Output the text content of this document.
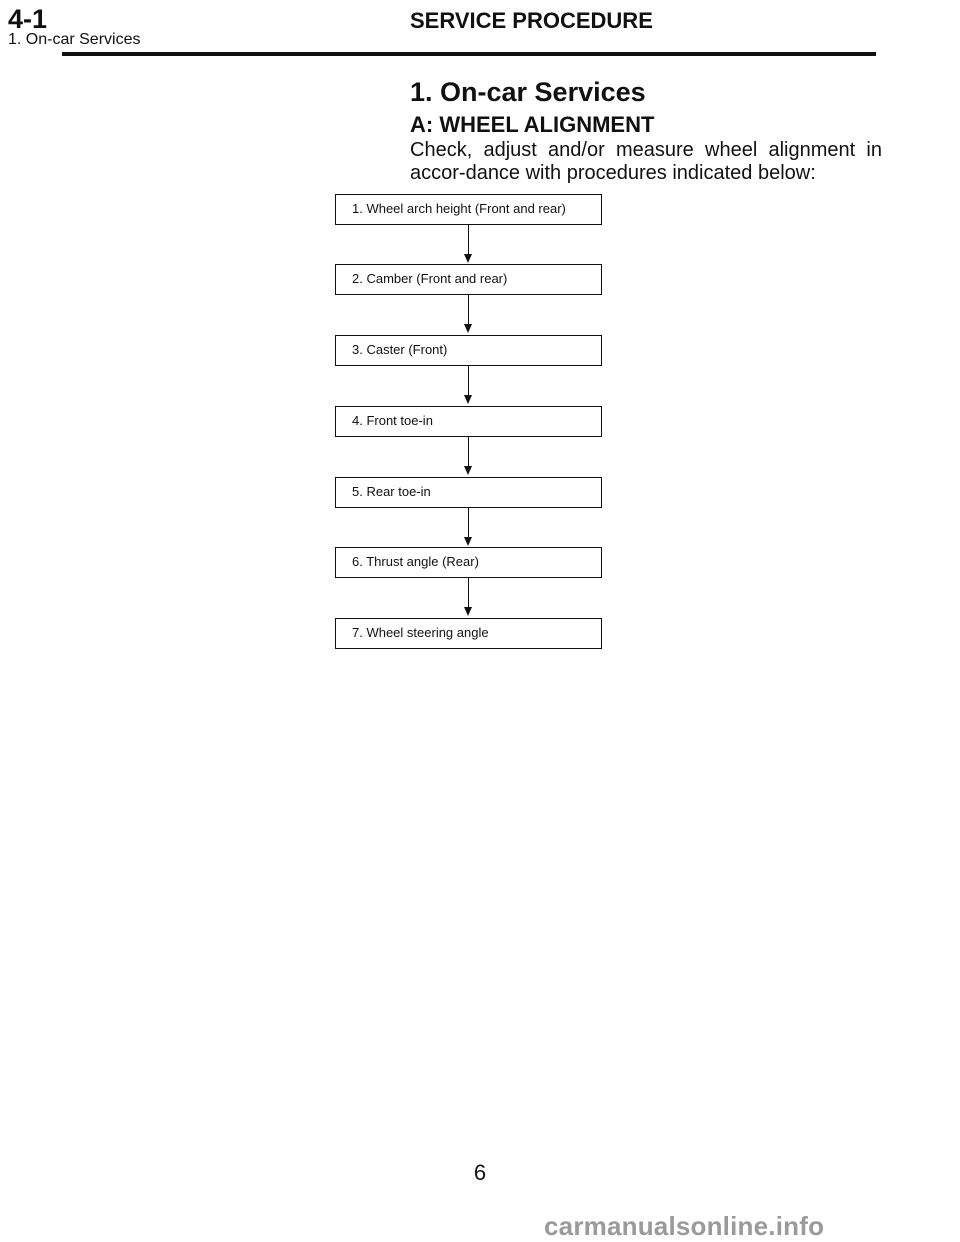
4-1	SERVICE PROCEDURE
1. On-car Services
1. On-car Services
A: WHEEL ALIGNMENT
Check, adjust and/or measure wheel alignment in accor-dance with procedures indicated below:
1. Wheel arch height (Front and rear)
2. Camber (Front and rear)
3. Caster (Front)
4. Front toe-in
5. Rear toe-in
6. Thrust angle (Rear)
7. Wheel steering angle
6
carmanualsonline.info
